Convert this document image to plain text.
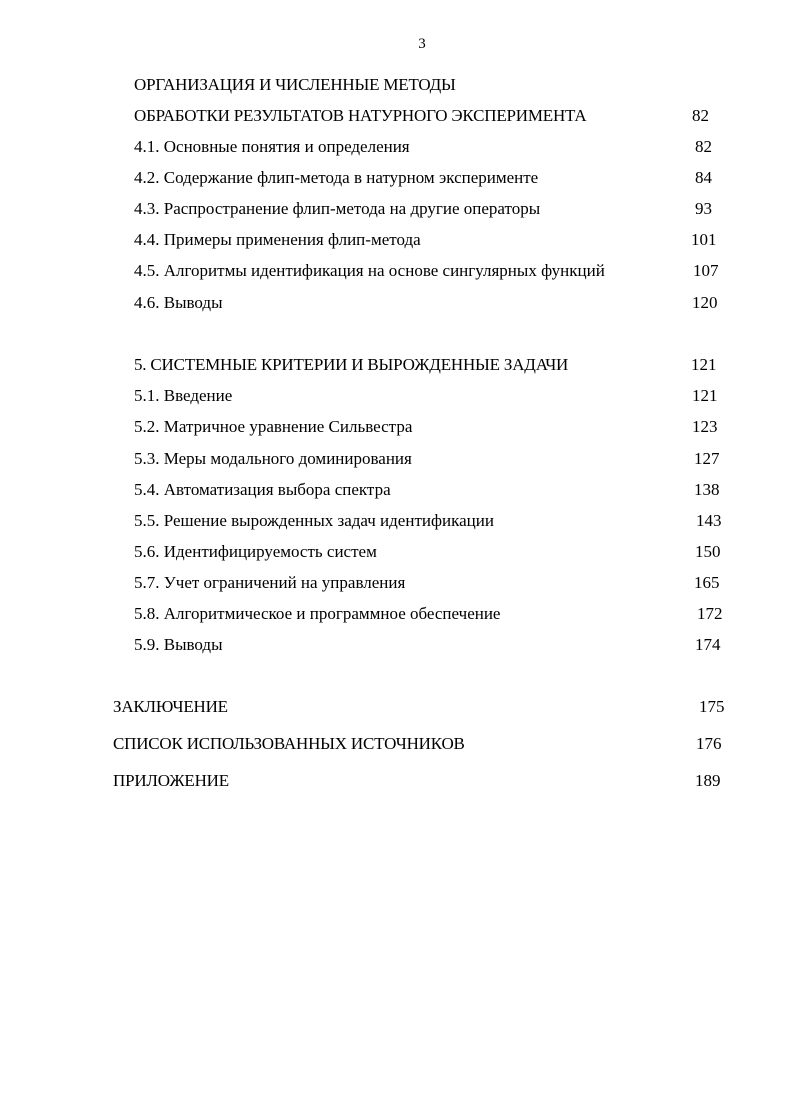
3
ОРГАНИЗАЦИЯ И ЧИСЛЕННЫЕ МЕТОДЫ
ОБРАБОТКИ РЕЗУЛЬТАТОВ НАТУРНОГО ЭКСПЕРИМЕНТА	82
4.1. Основные понятия и определения	82
4.2. Содержание флип-метода в натурном эксперименте	84
4.3. Распространение флип-метода на другие операторы	93
4.4. Примеры применения флип-метода	101
4.5. Алгоритмы идентификация на основе сингулярных функций	107
4.6. Выводы	120
5. СИСТЕМНЫЕ КРИТЕРИИ И ВЫРОЖДЕННЫЕ ЗАДАЧИ	121
5.1. Введение	121
5.2. Матричное уравнение Сильвестра	123
5.3. Меры модального доминирования	127
5.4. Автоматизация выбора спектра	138
5.5. Решение вырожденных задач идентификации	143
5.6. Идентифицируемость систем	150
5.7. Учет ограничений на управления	165
5.8. Алгоритмическое и программное обеспечение	172
5.9. Выводы	174
ЗАКЛЮЧЕНИЕ	175
СПИСОК ИСПОЛЬЗОВАННЫХ ИСТОЧНИКОВ	176
ПРИЛОЖЕНИЕ	189
